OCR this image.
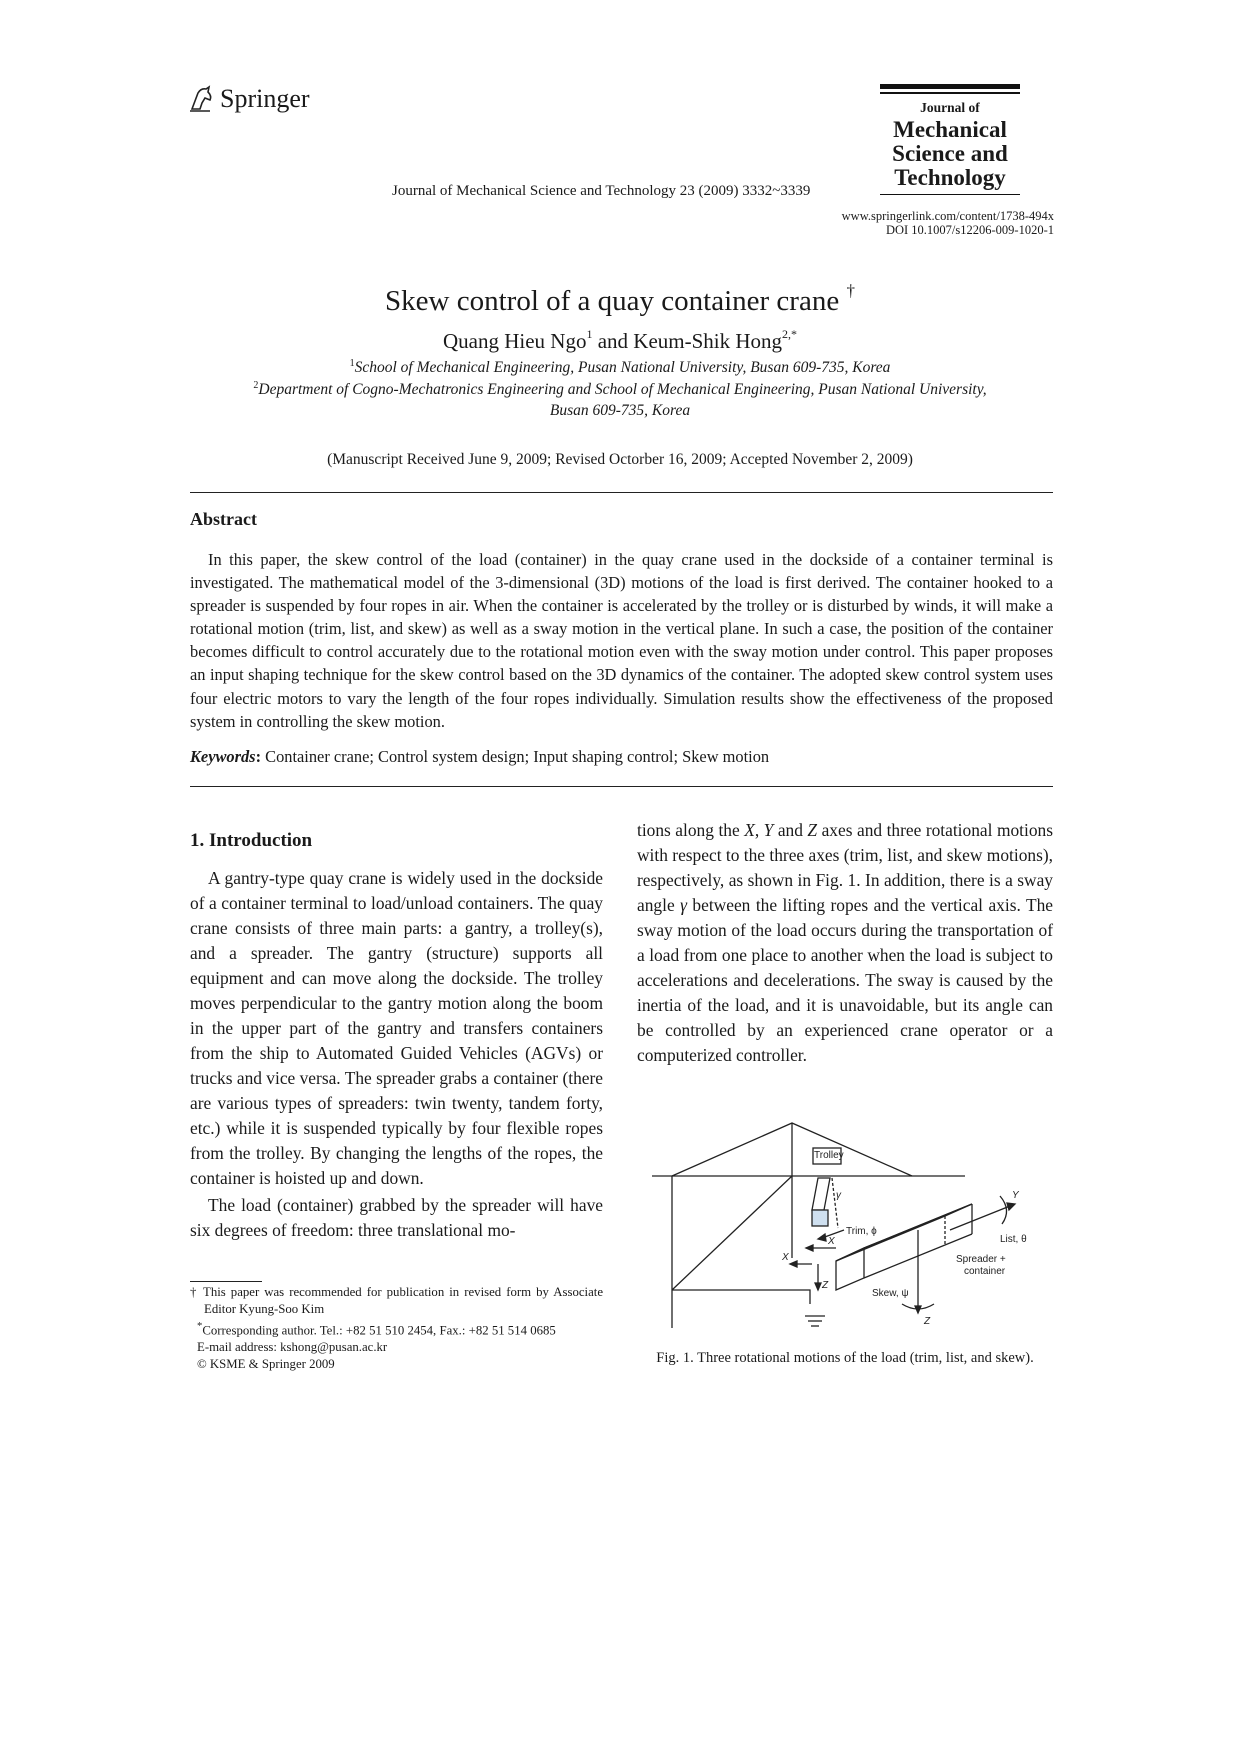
Springer
Journal of Mechanical Science and Technology 23 (2009) 3332~3339
Journal of
Mechanical
Science and
Technology
www.springerlink.com/content/1738-494x
DOI 10.1007/s12206-009-1020-1
Skew control of a quay container crane †
Quang Hieu Ngo$^1$ and Keum-Shik Hong$^{2,*}$
$^1$School of Mechanical Engineering, Pusan National University, Busan 609-735, Korea
$^2$Department of Cogno-Mechatronics Engineering and School of Mechanical Engineering, Pusan National University,
Busan 609-735, Korea
(Manuscript Received June 9, 2009; Revised Octorber 16, 2009; Accepted November 2, 2009)
Abstract
In this paper, the skew control of the load (container) in the quay crane used in the dockside of a container terminal is investigated. The mathematical model of the 3-dimensional (3D) motions of the load is first derived. The container hooked to a spreader is suspended by four ropes in air. When the container is accelerated by the trolley or is disturbed by winds, it will make a rotational motion (trim, list, and skew) as well as a sway motion in the vertical plane. In such a case, the position of the container becomes difficult to control accurately due to the rotational motion even with the sway motion under control. This paper proposes an input shaping technique for the skew control based on the 3D dynamics of the container. The adopted skew control system uses four electric motors to vary the length of the four ropes individually. Simulation results show the effectiveness of the proposed system in controlling the skew motion.
Keywords: Container crane; Control system design; Input shaping control; Skew motion
1. Introduction

A gantry-type quay crane is widely used in the dockside of a container terminal to load/unload containers. The quay crane consists of three main parts: a gantry, a trolley(s), and a spreader. The gantry (structure) supports all equipment and can move along the dockside. The trolley moves perpendicular to the gantry motion along the boom in the upper part of the gantry and transfers containers from the ship to Automated Guided Vehicles (AGVs) or trucks and vice versa. The spreader grabs a container (there are various types of spreaders: twin twenty, tandem forty, etc.) while it is suspended typically by four flexible ropes from the trolley. By changing the lengths of the ropes, the container is hoisted up and down.

The load (container) grabbed by the spreader will have six degrees of freedom: three translational mo-

† This paper was recommended for publication in revised form by Associate Editor Kyung-Soo Kim
*Corresponding author. Tel.: +82 51 510 2454, Fax.: +82 51 514 0685
E-mail address: kshong@pusan.ac.kr
© KSME & Springer 2009

tions along the X, Y and Z axes and three rotational motions with respect to the three axes (trim, list, and skew motions), respectively, as shown in Fig. 1. In addition, there is a sway angle γ between the lifting ropes and the vertical axis. The sway motion of the load occurs during the transportation of a load from one place to another when the load is subject to accelerations and decelerations. The sway is caused by the inertia of the load, and it is unavoidable, but its angle can be controlled by an experienced crane operator or a computerized controller.

Trolley
γ
Trim, ϕ
X
X
Z
Y
List, θ
Spreader +
container
Skew, ψ
Z
Fig. 1. Three rotational motions of the load (trim, list, and skew).
